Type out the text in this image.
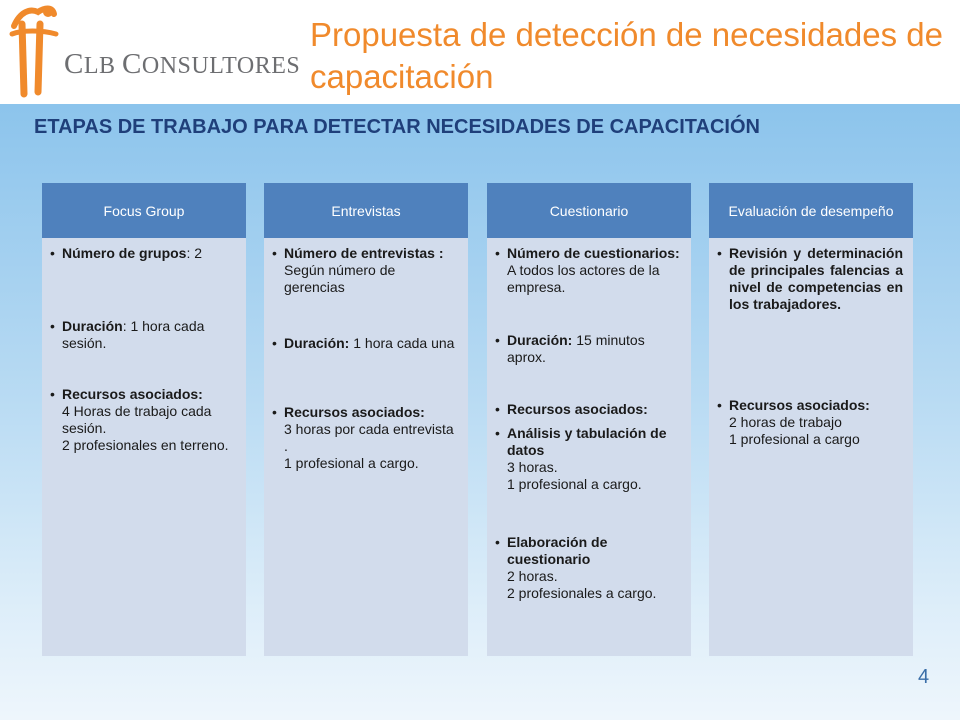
CLB CONSULTORES
Propuesta de detección de necesidades de capacitación
ETAPAS DE TRABAJO PARA DETECTAR NECESIDADES DE CAPACITACIÓN
Focus Group
• Número de grupos: 2
• Duración: 1 hora cada sesión.
• Recursos asociados:
4 Horas de trabajo cada sesión.
2 profesionales en terreno.
Entrevistas
• Número de entrevistas : Según número de gerencias
• Duración: 1 hora cada una
• Recursos asociados:
3 horas por cada entrevista .
1 profesional a cargo.
Cuestionario
• Número de cuestionarios: A todos los actores de la empresa.
• Duración: 15 minutos aprox.
• Recursos asociados:
• Análisis y tabulación de datos
3 horas.
1 profesional a cargo.
• Elaboración de cuestionario
2 horas.
2 profesionales a cargo.
Evaluación de desempeño
• Revisión y determinación de principales falencias a nivel de competencias en los trabajadores.
• Recursos asociados:
2 horas de trabajo
1 profesional a cargo
4
